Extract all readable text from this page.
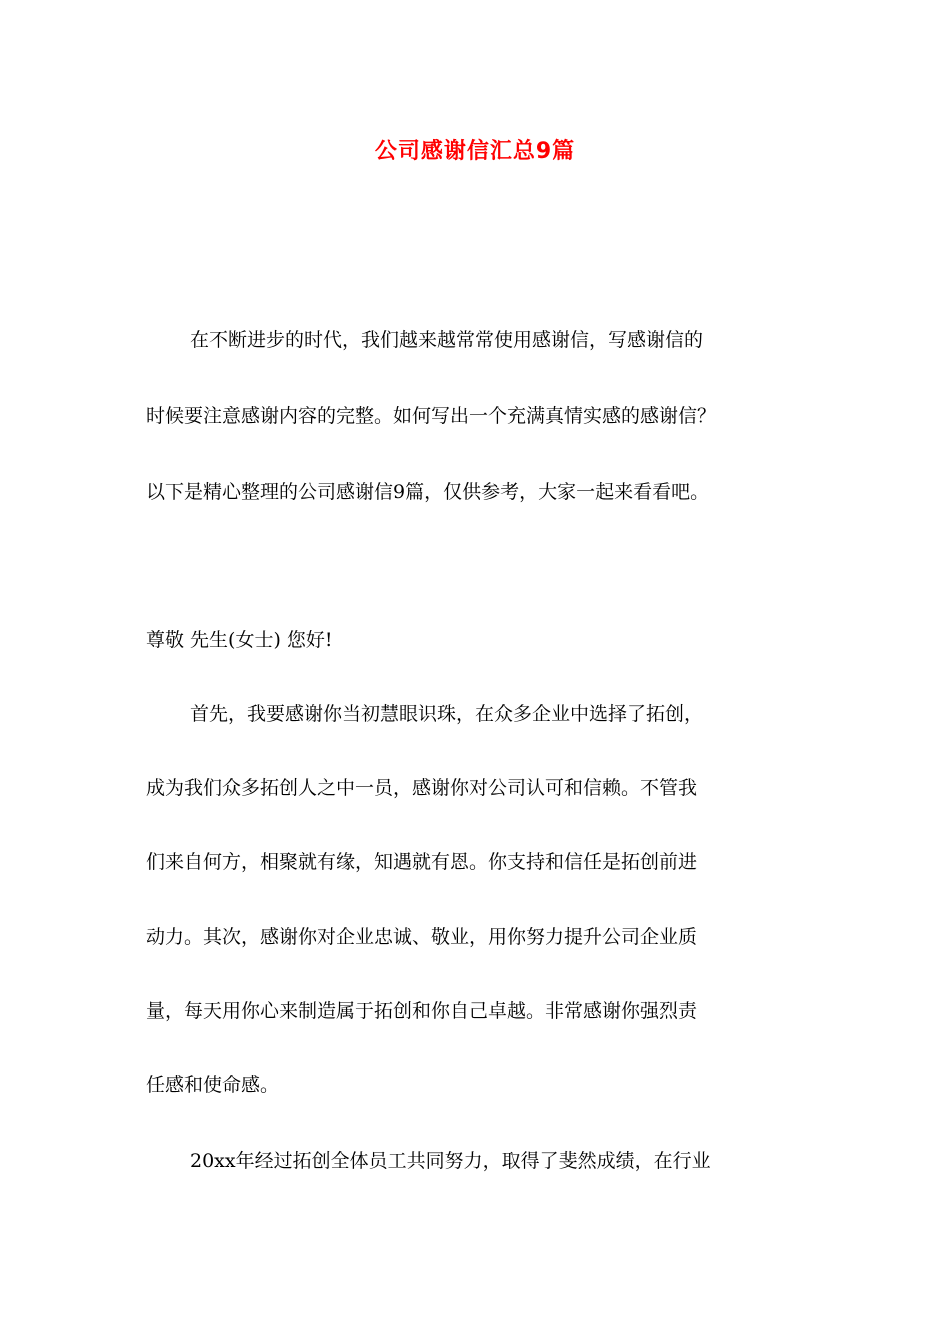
公司感谢信汇总9篇
在不断进步的时代，我们越来越常常使用感谢信，写感谢信的
时候要注意感谢内容的完整。如何写出一个充满真情实感的感谢信？
以下是精心整理的公司感谢信9篇，仅供参考，大家一起来看看吧。
尊敬 先生(女士) 您好!
首先，我要感谢你当初慧眼识珠，在众多企业中选择了拓创，
成为我们众多拓创人之中一员，感谢你对公司认可和信赖。不管我
们来自何方，相聚就有缘，知遇就有恩。你支持和信任是拓创前进
动力。其次，感谢你对企业忠诚、敬业，用你努力提升公司企业质
量，每天用你心来制造属于拓创和你自己卓越。非常感谢你强烈责
任感和使命感。
20xx年经过拓创全体员工共同努力，取得了斐然成绩，在行业
